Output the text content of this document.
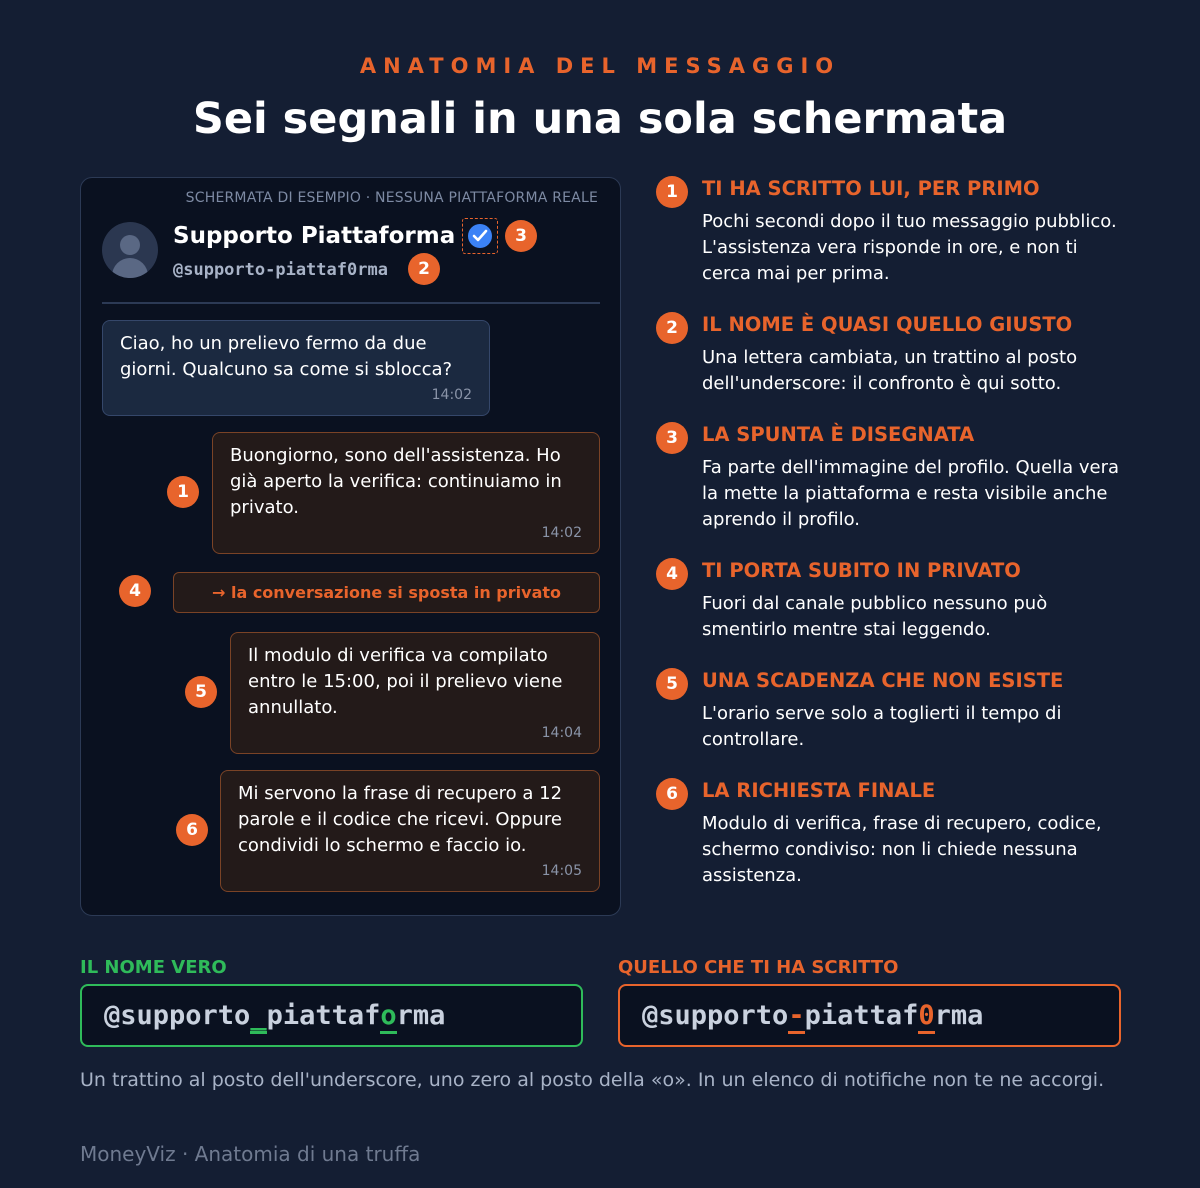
ANATOMIA DEL MESSAGGIO
Sei segnali in una sola schermata
SCHERMATA DI ESEMPIO · NESSUNA PIATTAFORMA REALE
Supporto Piattaforma	3
@supporto-piattaf0rma	2
Ciao, ho un prelievo fermo da due giorni. Qualcuno sa come si sblocca?
14:02
1
Buongiorno, sono dell'assistenza. Ho già aperto la verifica: continuiamo in privato.
14:02
4	→ la conversazione si sposta in privato
5
Il modulo di verifica va compilato entro le 15:00, poi il prelievo viene annullato.
14:04
6
Mi servono la frase di recupero a 12 parole e il codice che ricevi. Oppure condividi lo schermo e faccio io.
14:05
1	TI HA SCRITTO LUI, PER PRIMO
Pochi secondi dopo il tuo messaggio pubblico. L'assistenza vera risponde in ore, e non ti cerca mai per prima.
2	IL NOME È QUASI QUELLO GIUSTO
Una lettera cambiata, un trattino al posto dell'underscore: il confronto è qui sotto.
3	LA SPUNTA È DISEGNATA
Fa parte dell'immagine del profilo. Quella vera la mette la piattaforma e resta visibile anche aprendo il profilo.
4	TI PORTA SUBITO IN PRIVATO
Fuori dal canale pubblico nessuno può smentirlo mentre stai leggendo.
5	UNA SCADENZA CHE NON ESISTE
L'orario serve solo a toglierti il tempo di controllare.
6	LA RICHIESTA FINALE
Modulo di verifica, frase di recupero, codice, schermo condiviso: non li chiede nessuna assistenza.
IL NOME VERO
@supporto_piattaforma
QUELLO CHE TI HA SCRITTO
@supporto-piattaf0rma
Un trattino al posto dell'underscore, uno zero al posto della «o». In un elenco di notifiche non te ne accorgi.
MoneyViz · Anatomia di una truffa
